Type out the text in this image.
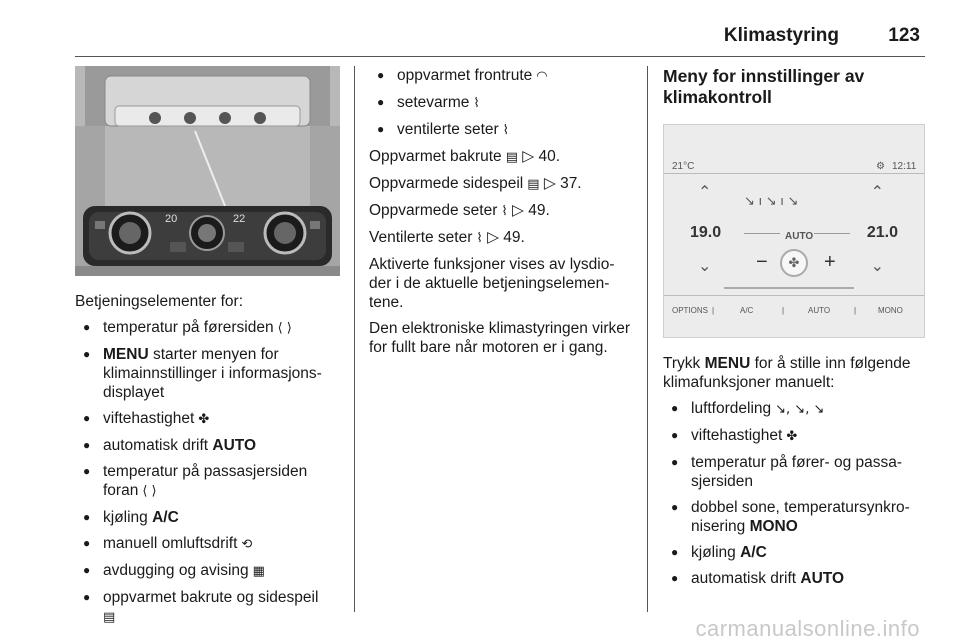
Klimastyring	123
20	22
Betjeningselementer for:
● temperatur på førersiden ⟨ ⟩
● MENU starter menyen for klimainnstillinger i informasjons-displayet
● viftehastighet ✤
● automatisk drift AUTO
● temperatur på passasjersiden foran ⟨ ⟩
● kjøling A/C
● manuell omluftsdrift ⟲
● avdugging og avising ▦
● oppvarmet bakrute og sidespeil
▤
● oppvarmet frontrute ◠
● setevarme ⌇
● ventilerte seter ⌇

Oppvarmet bakrute ▤ ▷ 40.

Oppvarmede sidespeil ▤ ▷ 37.

Oppvarmede seter ⌇ ▷ 49.

Ventilerte seter ⌇ ▷ 49.

Aktiverte funksjoner vises av lysdio-der i de aktuelle betjeningselemen-tene.

Den elektroniske klimastyringen virker for fullt bare når motoren er i gang.

Meny for innstillinger av klimakontroll
21°C	⚙ 12:11
⌃
19.0
⌄
⌃
21.0
⌄
↘ ı ↘ ı ↘
AUTO
−	✤	+
OPTIONS |	A/C	|	AUTO	|	MONO

Trykk MENU for å stille inn følgende klimafunksjoner manuelt:

● luftfordeling ↘, ↘, ↘
● viftehastighet ✤
● temperatur på fører- og passa-sjersiden
● dobbel sone, temperatursynkro-nisering MONO
● kjøling A/C
● automatisk drift AUTO
carmanualsonline.info
